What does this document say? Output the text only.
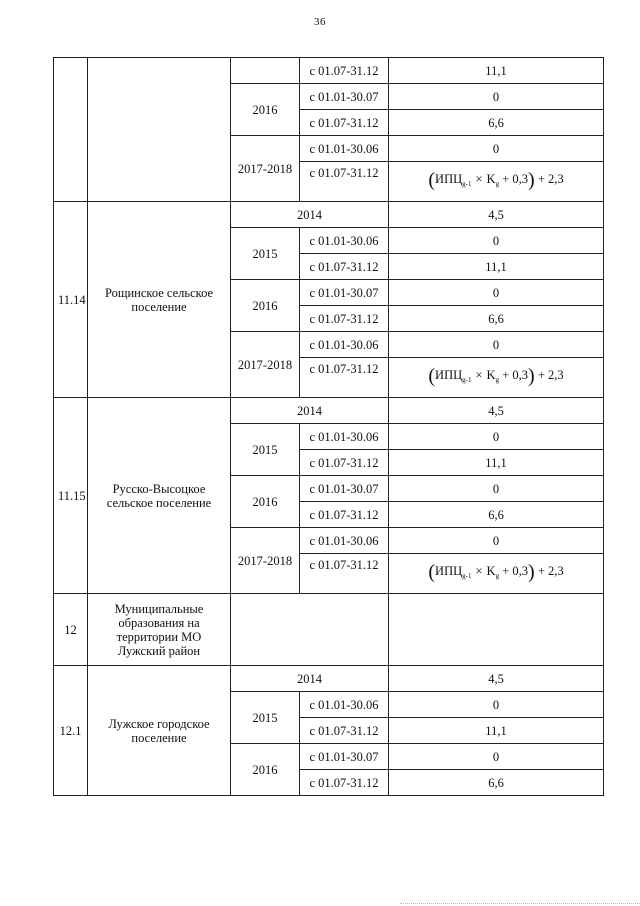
36
			с 01.07-31.12	11,1
		2016	с 01.01-30.07	0
			с 01.07-31.12	6,6
		2017-2018	с 01.01-30.06	0
			с 01.07-31.12	$(ИПЦ_{g-1} \times K_g + 0,3) + 2,3$
11.14	Рощинское сельское поселение	2014		4,5
		2015	с 01.01-30.06	0
			с 01.07-31.12	11,1
		2016	с 01.01-30.07	0
			с 01.07-31.12	6,6
		2017-2018	с 01.01-30.06	0
			с 01.07-31.12	$(ИПЦ_{g-1} \times K_g + 0,3) + 2,3$
11.15	Русско-Высоцкое сельское поселение	2014		4,5
		2015	с 01.01-30.06	0
			с 01.07-31.12	11,1
		2016	с 01.01-30.07	0
			с 01.07-31.12	6,6
		2017-2018	с 01.01-30.06	0
			с 01.07-31.12	$(ИПЦ_{g-1} \times K_g + 0,3) + 2,3$
12	Муниципальные образования на территории МО Лужский район			
12.1	Лужское городское поселение	2014		4,5
		2015	с 01.01-30.06	0
			с 01.07-31.12	11,1
		2016	с 01.01-30.07	0
			с 01.07-31.12	6,6
